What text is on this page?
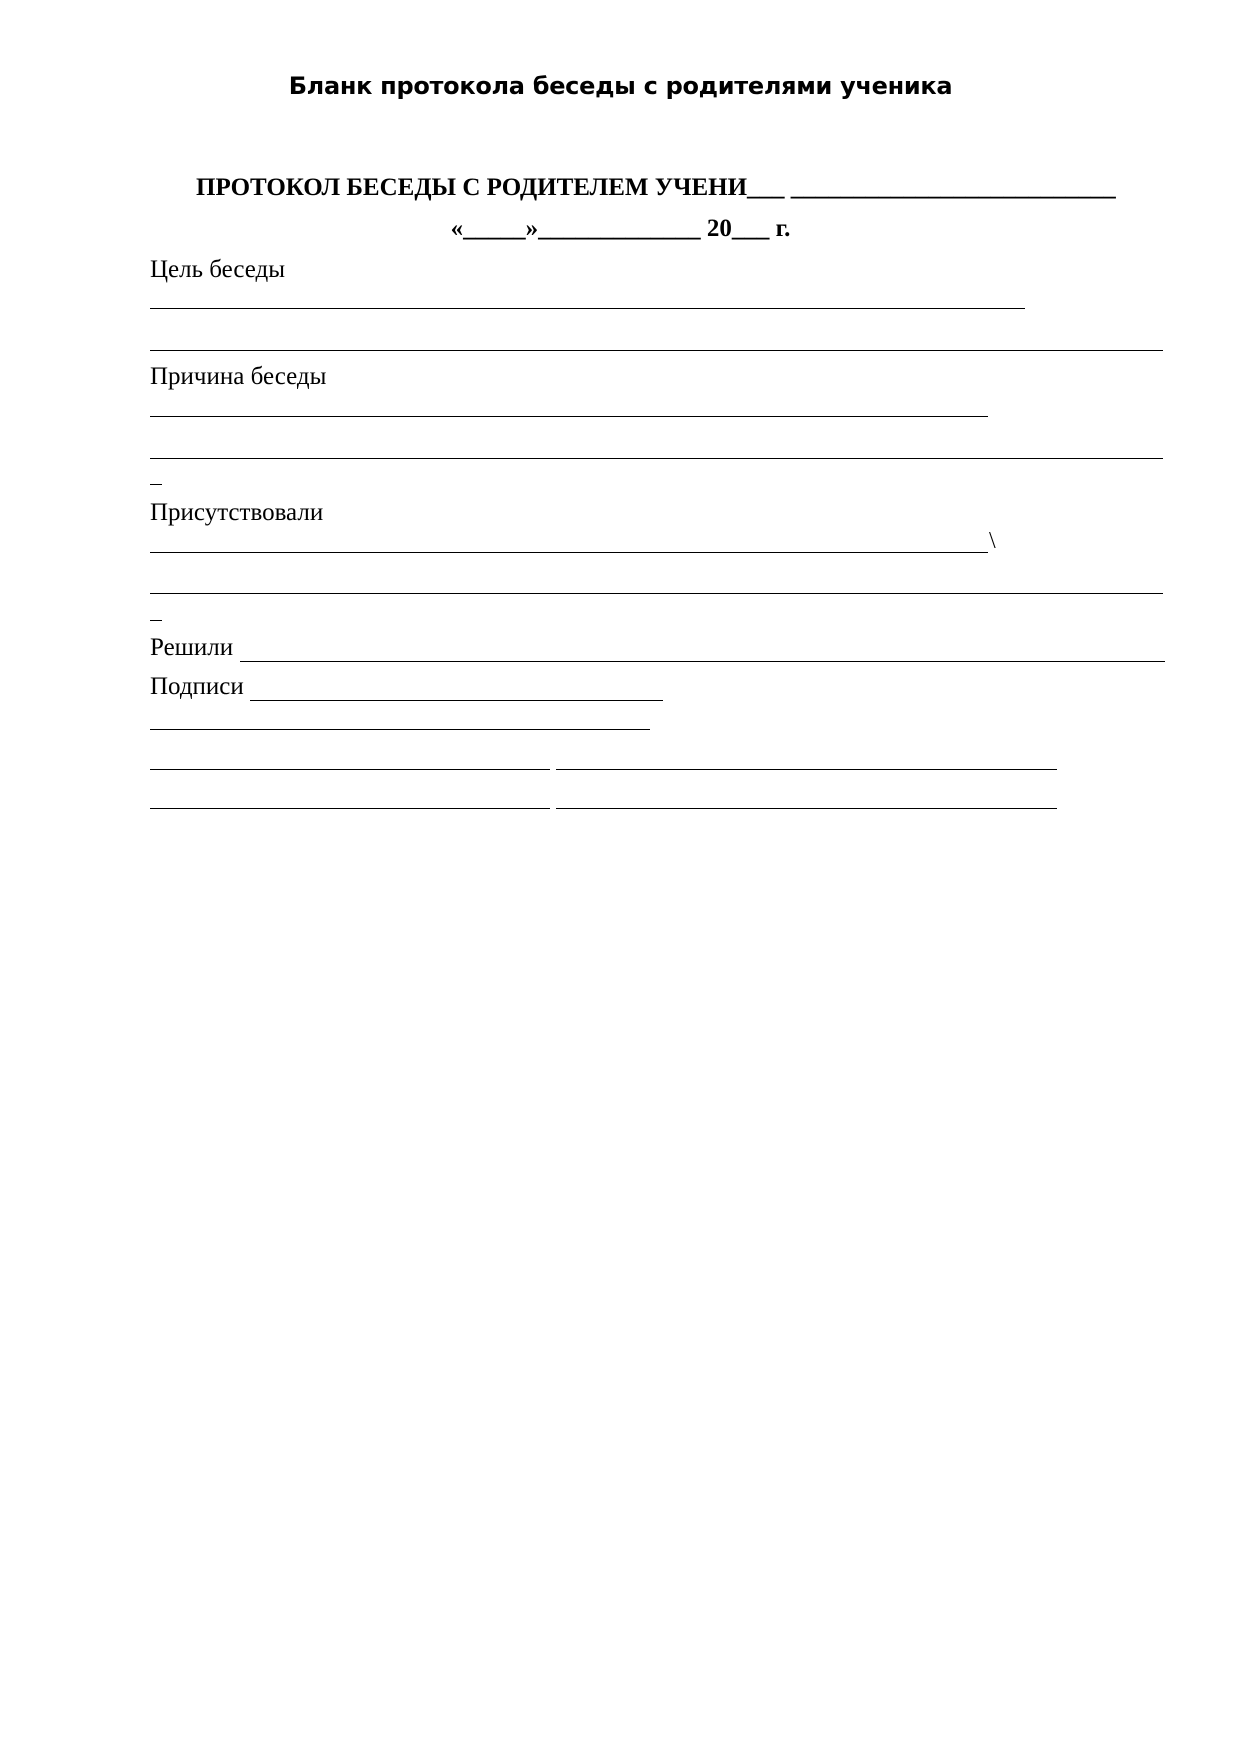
Бланк протокола беседы с родителями ученика
ПРОТОКОЛ БЕСЕДЫ С РОДИТЕЛЕМ УЧЕНИ___ __________________________
«_____»_____________ 20___ г.
Цель беседы
Причина беседы
Присутствовали
\
Решили
Подписи
